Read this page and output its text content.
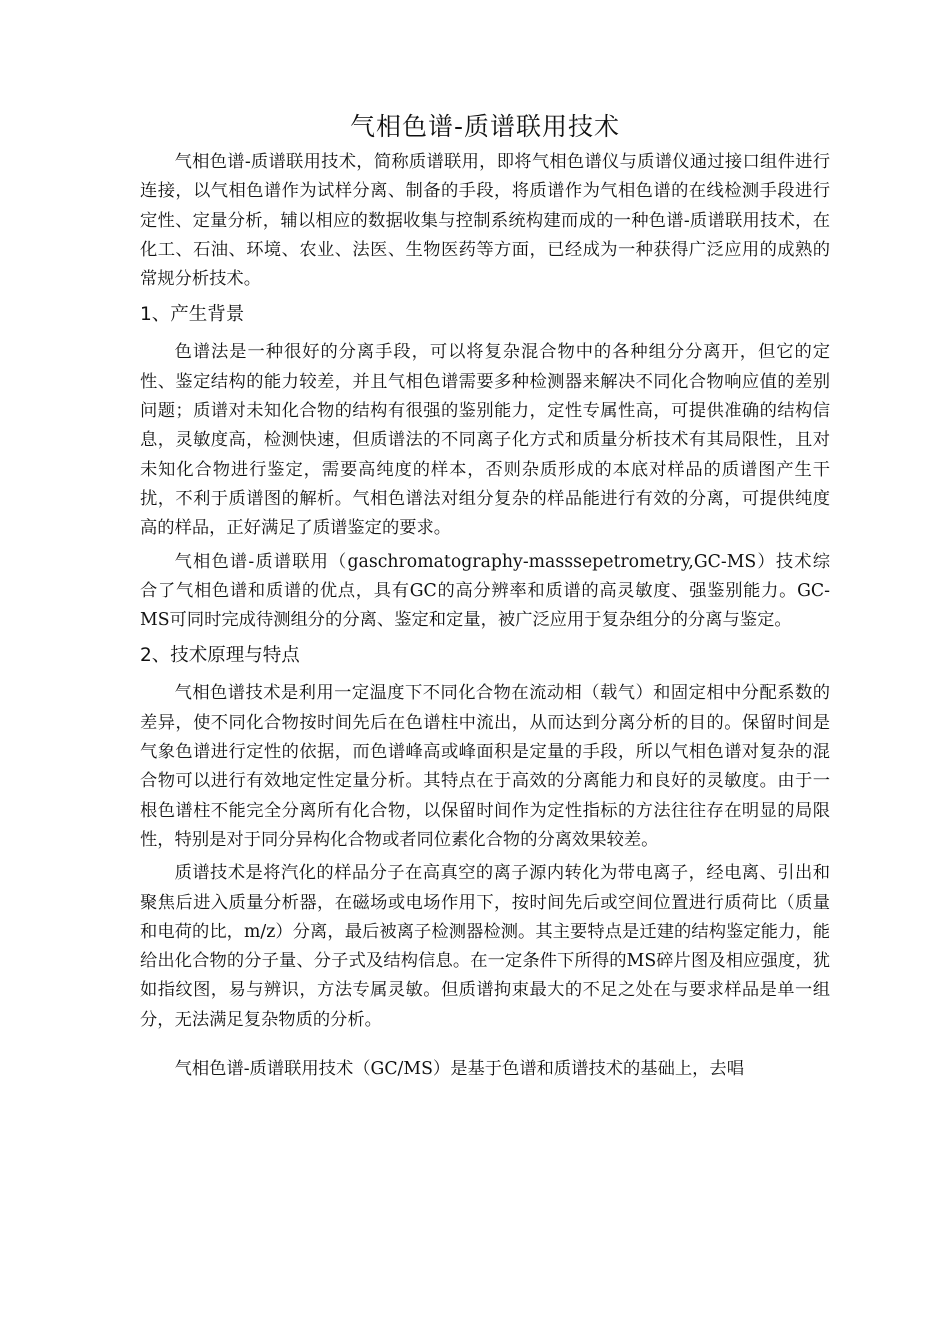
气相色谱-质谱联用技术

气相色谱-质谱联用技术，简称质谱联用，即将气相色谱仪与质谱仪通过接口组件进行连接，以气相色谱作为试样分离、制备的手段，将质谱作为气相色谱的在线检测手段进行定性、定量分析，辅以相应的数据收集与控制系统构建而成的一种色谱-质谱联用技术，在化工、石油、环境、农业、法医、生物医药等方面，已经成为一种获得广泛应用的成熟的常规分析技术。

1、产生背景

色谱法是一种很好的分离手段，可以将复杂混合物中的各种组分分离开，但它的定性、鉴定结构的能力较差，并且气相色谱需要多种检测器来解决不同化合物响应值的差别问题；质谱对未知化合物的结构有很强的鉴别能力，定性专属性高，可提供准确的结构信息，灵敏度高，检测快速，但质谱法的不同离子化方式和质量分析技术有其局限性，且对未知化合物进行鉴定，需要高纯度的样本，否则杂质形成的本底对样品的质谱图产生干扰，不利于质谱图的解析。气相色谱法对组分复杂的样品能进行有效的分离，可提供纯度高的样品，正好满足了质谱鉴定的要求。

气相色谱-质谱联用（gaschromatography-masssepetrometry,GC-MS）技术综合了气相色谱和质谱的优点，具有GC的高分辨率和质谱的高灵敏度、强鉴别能力。GC-MS可同时完成待测组分的分离、鉴定和定量，被广泛应用于复杂组分的分离与鉴定。

2、技术原理与特点

气相色谱技术是利用一定温度下不同化合物在流动相（载气）和固定相中分配系数的差异，使不同化合物按时间先后在色谱柱中流出，从而达到分离分析的目的。保留时间是气象色谱进行定性的依据，而色谱峰高或峰面积是定量的手段，所以气相色谱对复杂的混合物可以进行有效地定性定量分析。其特点在于高效的分离能力和良好的灵敏度。由于一根色谱柱不能完全分离所有化合物，以保留时间作为定性指标的方法往往存在明显的局限性，特别是对于同分异构化合物或者同位素化合物的分离效果较差。

质谱技术是将汽化的样品分子在高真空的离子源内转化为带电离子，经电离、引出和聚焦后进入质量分析器，在磁场或电场作用下，按时间先后或空间位置进行质荷比（质量和电荷的比，m/z）分离，最后被离子检测器检测。其主要特点是迁建的结构鉴定能力，能给出化合物的分子量、分子式及结构信息。在一定条件下所得的MS碎片图及相应强度，犹如指纹图，易与辨识，方法专属灵敏。但质谱拘束最大的不足之处在与要求样品是单一组分，无法满足复杂物质的分析。

气相色谱-质谱联用技术（GC/MS）是基于色谱和质谱技术的基础上，去唱
